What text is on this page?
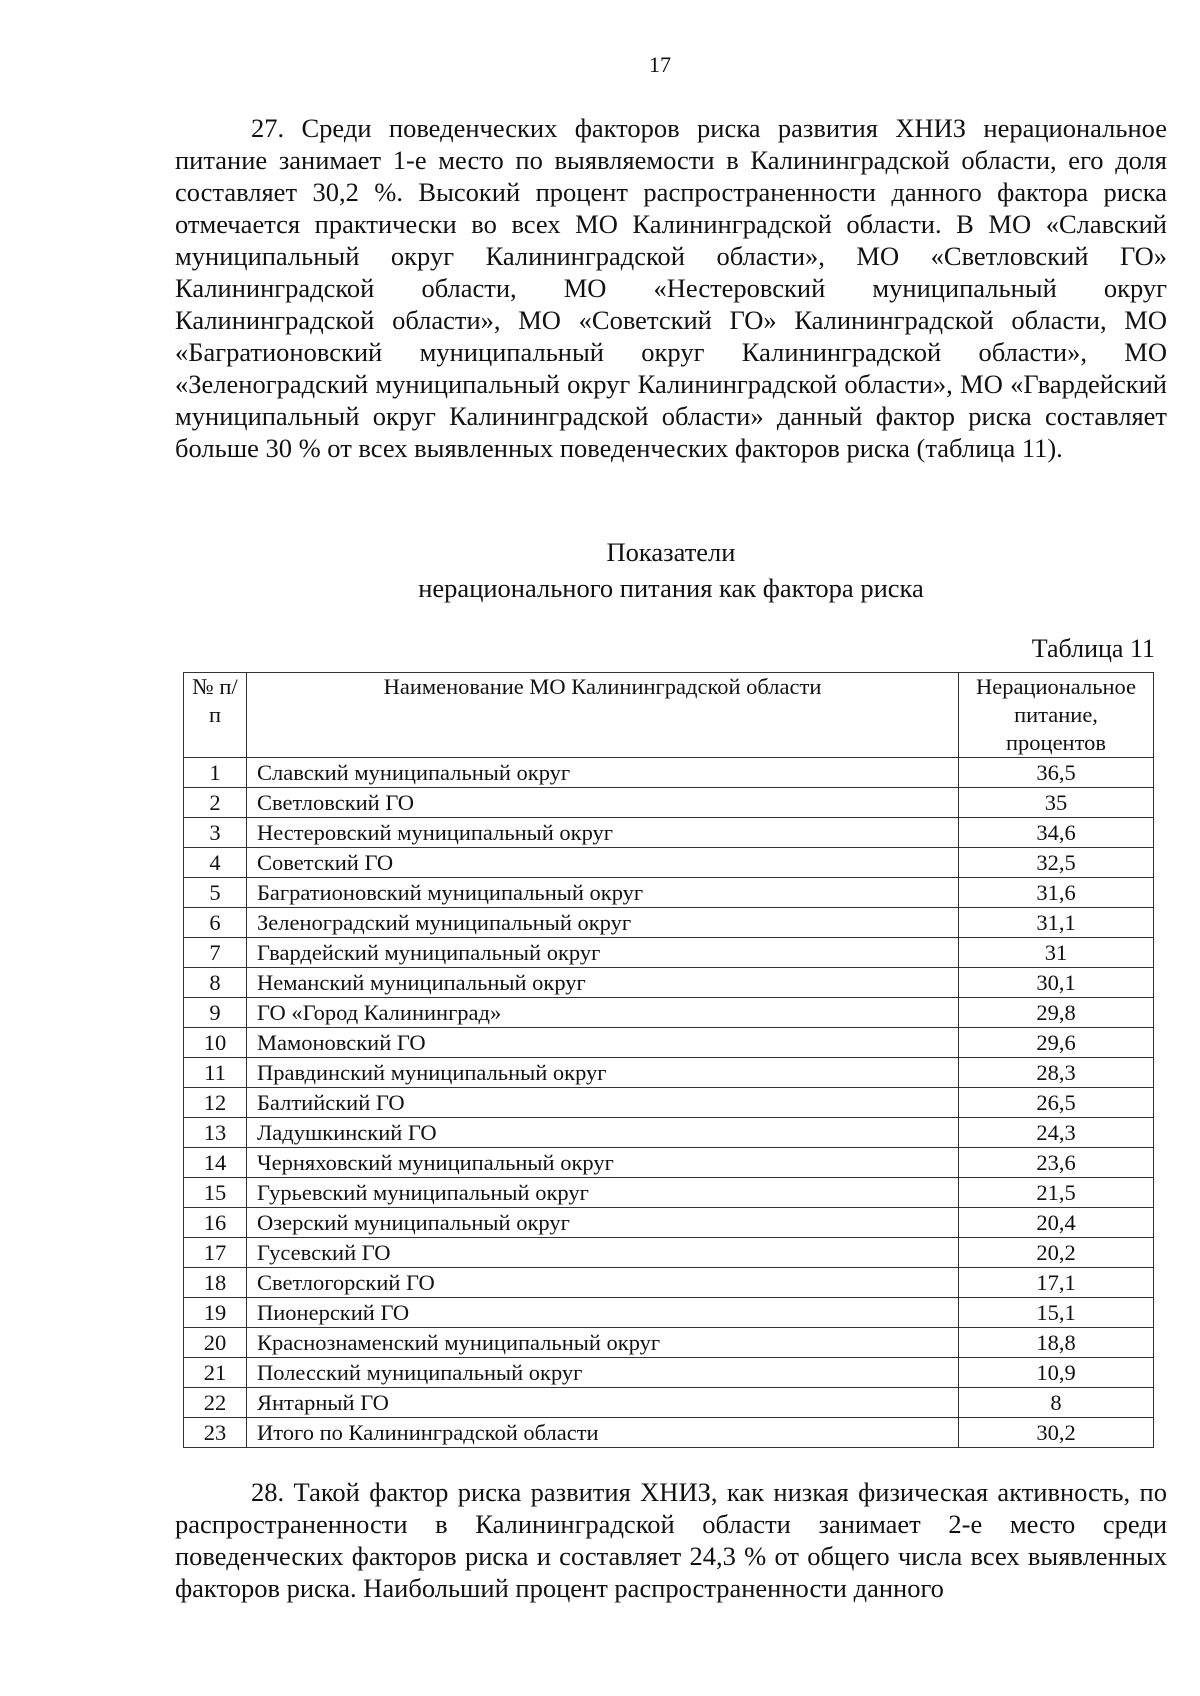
17

27. Среди поведенческих факторов риска развития ХНИЗ нерациональное питание занимает 1-е место по выявляемости в Калининградской области, его доля составляет 30,2 %. Высокий процент распространенности данного фактора риска отмечается практически во всех МО Калининградской области. В МО «Славский муниципальный округ Калининградской области», МО «Светловский ГО» Калининградской области, МО «Нестеровский муниципальный округ Калининградской области», МО «Советский ГО» Калининградской области, МО «Багратионовский муниципальный округ Калининградской области», МО «Зеленоградский муниципальный округ Калининградской области», МО «Гвардейский муниципальный округ Калининградской области» данный фактор риска составляет больше 30 % от всех выявленных поведенческих факторов риска (таблица 11).

Показатели
нерационального питания как фактора риска
Таблица 11
№ п/п	Наименование МО Калининградской области	Нерациональное питание, процентов
1	Славский муниципальный округ	36,5
2	Светловский ГО	35
3	Нестеровский муниципальный округ	34,6
4	Советский ГО	32,5
5	Багратионовский муниципальный округ	31,6
6	Зеленоградский муниципальный округ	31,1
7	Гвардейский муниципальный округ	31
8	Неманский муниципальный округ	30,1
9	ГО «Город Калининград»	29,8
10	Мамоновский ГО	29,6
11	Правдинский муниципальный округ	28,3
12	Балтийский ГО	26,5
13	Ладушкинский ГО	24,3
14	Черняховский муниципальный округ	23,6
15	Гурьевский муниципальный округ	21,5
16	Озерский муниципальный округ	20,4
17	Гусевский ГО	20,2
18	Светлогорский ГО	17,1
19	Пионерский ГО	15,1
20	Краснознаменский муниципальный округ	18,8
21	Полесский муниципальный округ	10,9
22	Янтарный ГО	8
23	Итого по Калининградской области	30,2

28. Такой фактор риска развития ХНИЗ, как низкая физическая активность, по распространенности в Калининградской области занимает 2-е место среди поведенческих факторов риска и составляет 24,3 % от общего числа всех выявленных факторов риска. Наибольший процент распространенности данного
